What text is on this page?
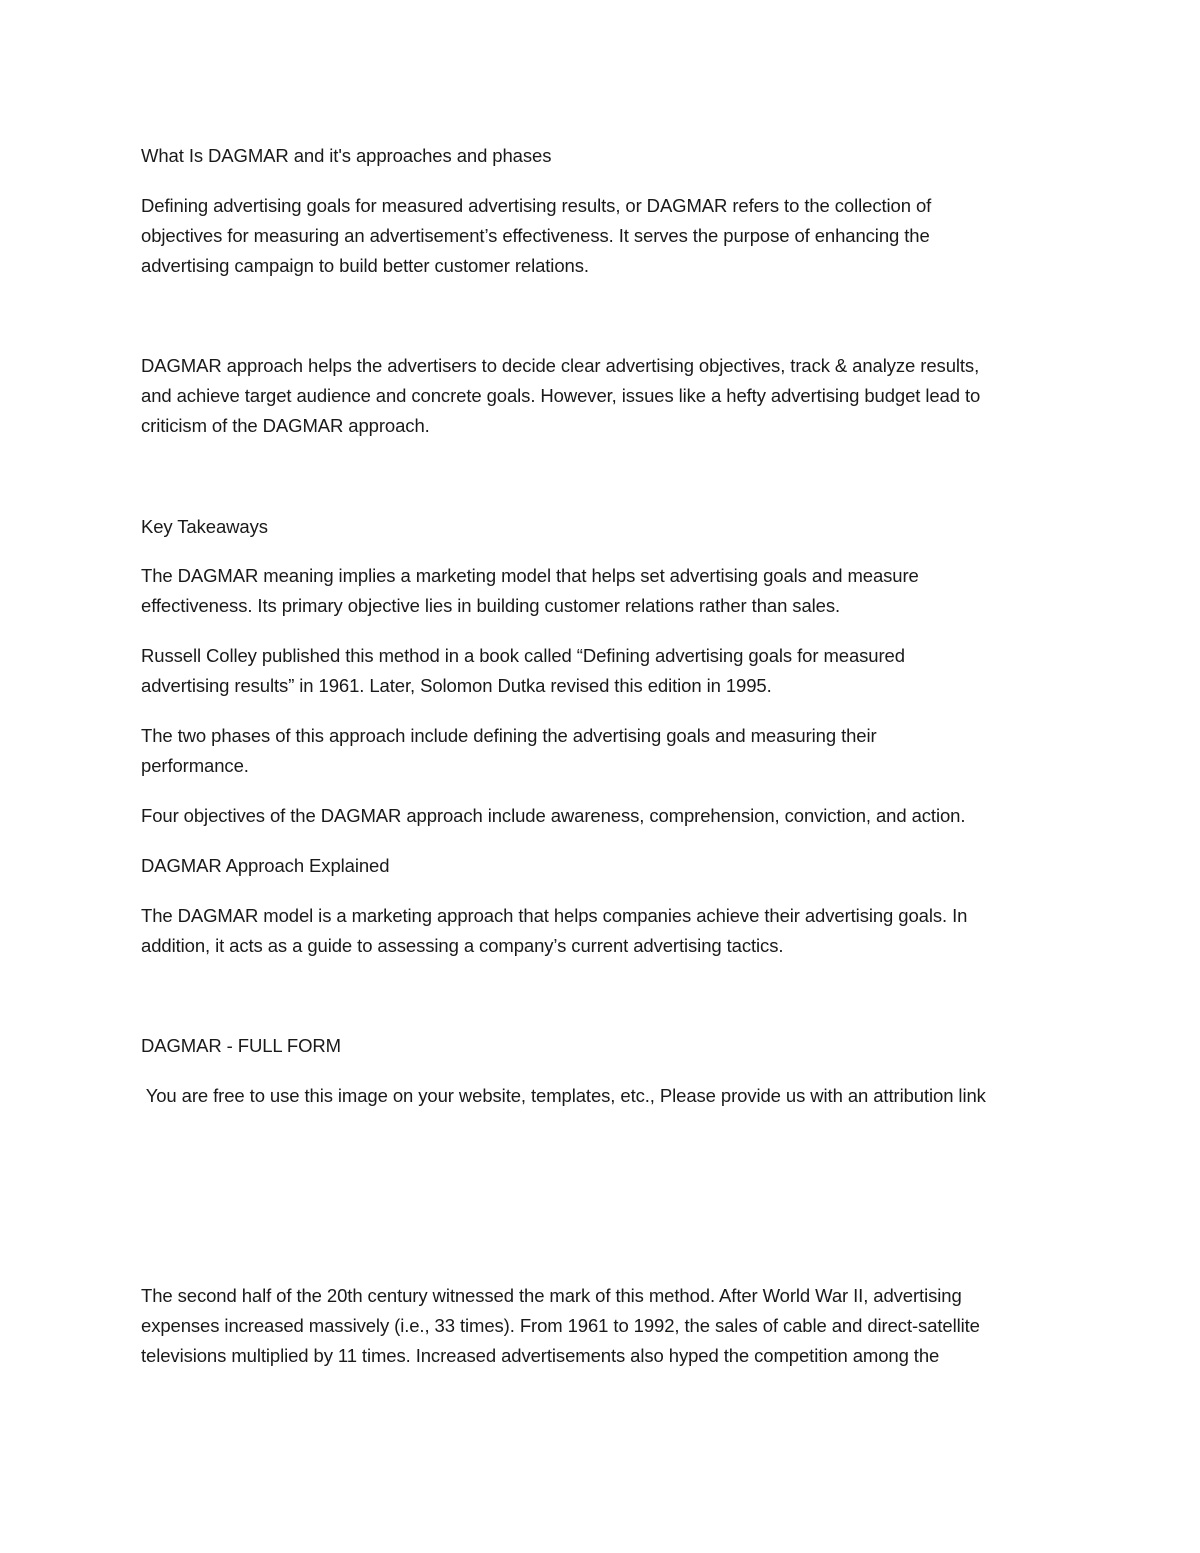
What Is DAGMAR and it's approaches and phases

Defining advertising goals for measured advertising results, or DAGMAR refers to the collection of

objectives for measuring an advertisement’s effectiveness. It serves the purpose of enhancing the

advertising campaign to build better customer relations.

DAGMAR approach helps the advertisers to decide clear advertising objectives, track & analyze results,

and achieve target audience and concrete goals. However, issues like a hefty advertising budget lead to

criticism of the DAGMAR approach.

Key Takeaways

The DAGMAR meaning implies a marketing model that helps set advertising goals and measure

effectiveness. Its primary objective lies in building customer relations rather than sales.

Russell Colley published this method in a book called “Defining advertising goals for measured

advertising results” in 1961. Later, Solomon Dutka revised this edition in 1995.

The two phases of this approach include defining the advertising goals and measuring their

performance.

Four objectives of the DAGMAR approach include awareness, comprehension, conviction, and action.

DAGMAR Approach Explained

The DAGMAR model is a marketing approach that helps companies achieve their advertising goals. In

addition, it acts as a guide to assessing a company’s current advertising tactics.

DAGMAR - FULL FORM

You are free to use this image on your website, templates, etc., Please provide us with an attribution link

The second half of the 20th century witnessed the mark of this method. After World War II, advertising

expenses increased massively (i.e., 33 times). From 1961 to 1992, the sales of cable and direct-satellite

televisions multiplied by 11 times. Increased advertisements also hyped the competition among the
